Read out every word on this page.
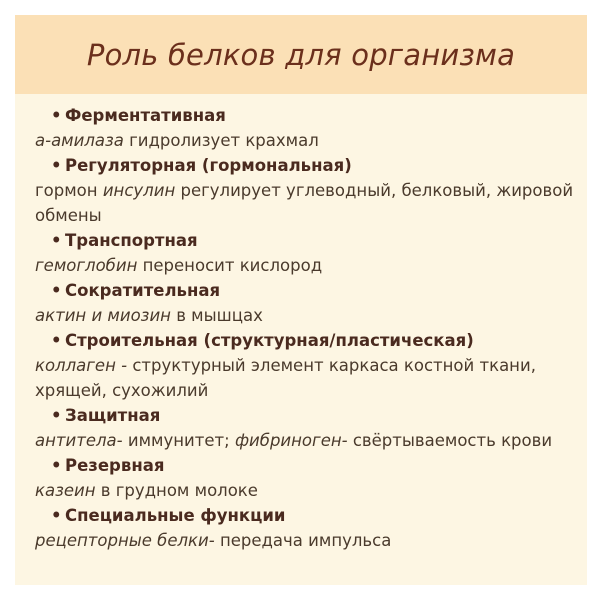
Роль белков для организма
• Ферментативная

а-амилаза гидролизует крахмал

• Регуляторная (гормональная)

гормон инсулин регулирует углеводный, белковый, жировой обмены

• Транспортная

гемоглобин переносит кислород

• Сократительная

актин и миозин в мышцах

• Строительная (структурная/пластическая)

коллаген - структурный элемент каркаса костной ткани, хрящей, сухожилий

• Защитная

антитела- иммунитет; фибриноген- свёртываемость крови

• Резервная

казеин в грудном молоке

• Специальные функции

рецепторные белки- передача импульса
